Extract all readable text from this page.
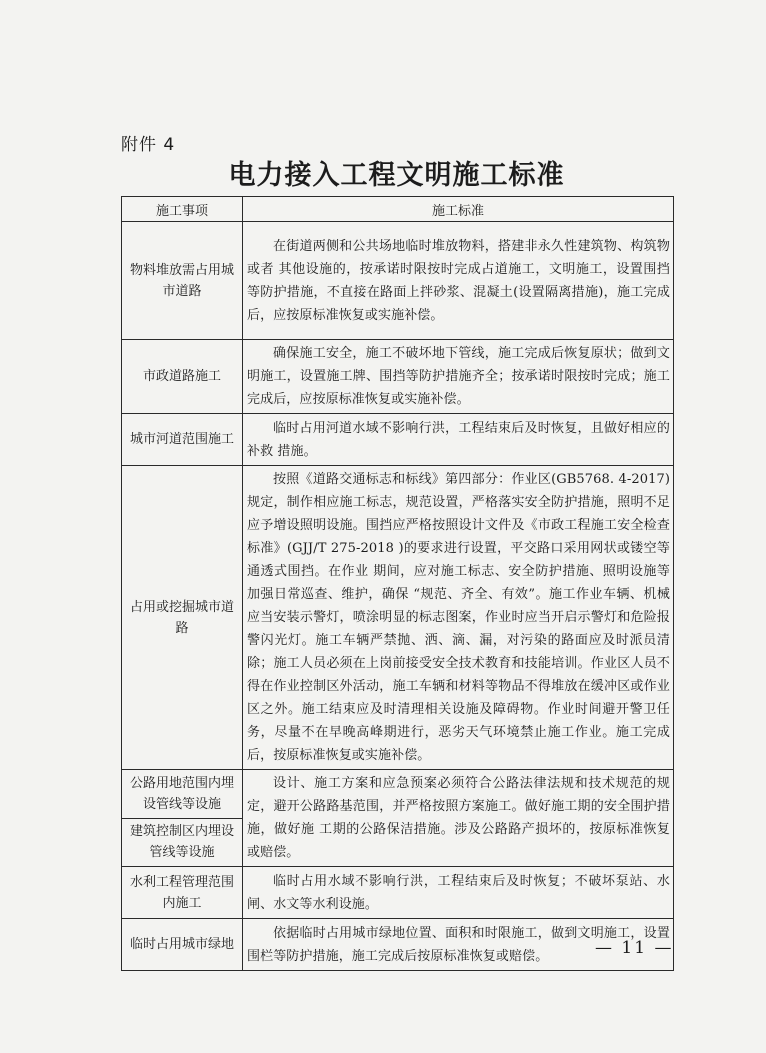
附件 4
电力接入工程文明施工标准
施工事项	施工标准
物料堆放需占用城市道路	在街道两侧和公共场地临时堆放物料，搭建非永久性建筑物、构筑物或者 其他设施的，按承诺时限按时完成占道施工，文明施工，设置围挡等防护措施，不直接在路面上拌砂浆、混凝土(设置隔离措施)，施工完成后，应按原标准恢复或实施补偿。
市政道路施工	确保施工安全，施工不破坏地下管线，施工完成后恢复原状；做到文明施工，设置施工牌、围挡等防护措施齐全；按承诺时限按时完成；施工完成后，应按原标准恢复或实施补偿。
城市河道范围施工	临时占用河道水域不影响行洪，工程结束后及时恢复，且做好相应的补救 措施。
占用或挖掘城市道路	按照《道路交通标志和标线》第四部分：作业区(GB5768. 4-2017)规定，制作相应施工标志，规范设置，严格落实安全防护措施，照明不足应予增设照明设施。围挡应严格按照设计文件及《市政工程施工安全检查标准》(GJJ/T 275-2018 )的要求进行设置，平交路口采用网状或镂空等通透式围挡。在作业 期间，应对施工标志、安全防护措施、照明设施等加强日常巡查、维护，确保 “规范、齐全、有效”。施工作业车辆、机械应当安装示警灯，喷涂明显的标志图案，作业时应当开启示警灯和危险报警闪光灯。施工车辆严禁抛、洒、滴、漏，对污染的路面应及时派员清除；施工人员必须在上岗前接受安全技术教育和技能培训。作业区人员不得在作业控制区外活动，施工车辆和材料等物品不得堆放在缓冲区或作业区之外。施工结束应及时清理相关设施及障碍物。作业时间避开警卫任务，尽量不在早晚高峰期进行，恶劣天气环境禁止施工作业。施工完成后，按原标准恢复或实施补偿。
公路用地范围内埋设管线等设施	设计、施工方案和应急预案必须符合公路法律法规和技术规范的规定，避开公路路基范围，并严格按照方案施工。做好施工期的安全围护措施，做好施 工期的公路保洁措施。涉及公路路产损坏的，按原标准恢复或赔偿。
建筑控制区内埋设管线等设施	
水利工程管理范围内施工	临时占用水域不影响行洪，工程结束后及时恢复；不破坏泵站、水闸、水文等水利设施。
临时占用城市绿地	依据临时占用城市绿地位置、面积和时限施工，做到文明施工，设置围栏等防护措施，施工完成后按原标准恢复或赔偿。	— 11 —
